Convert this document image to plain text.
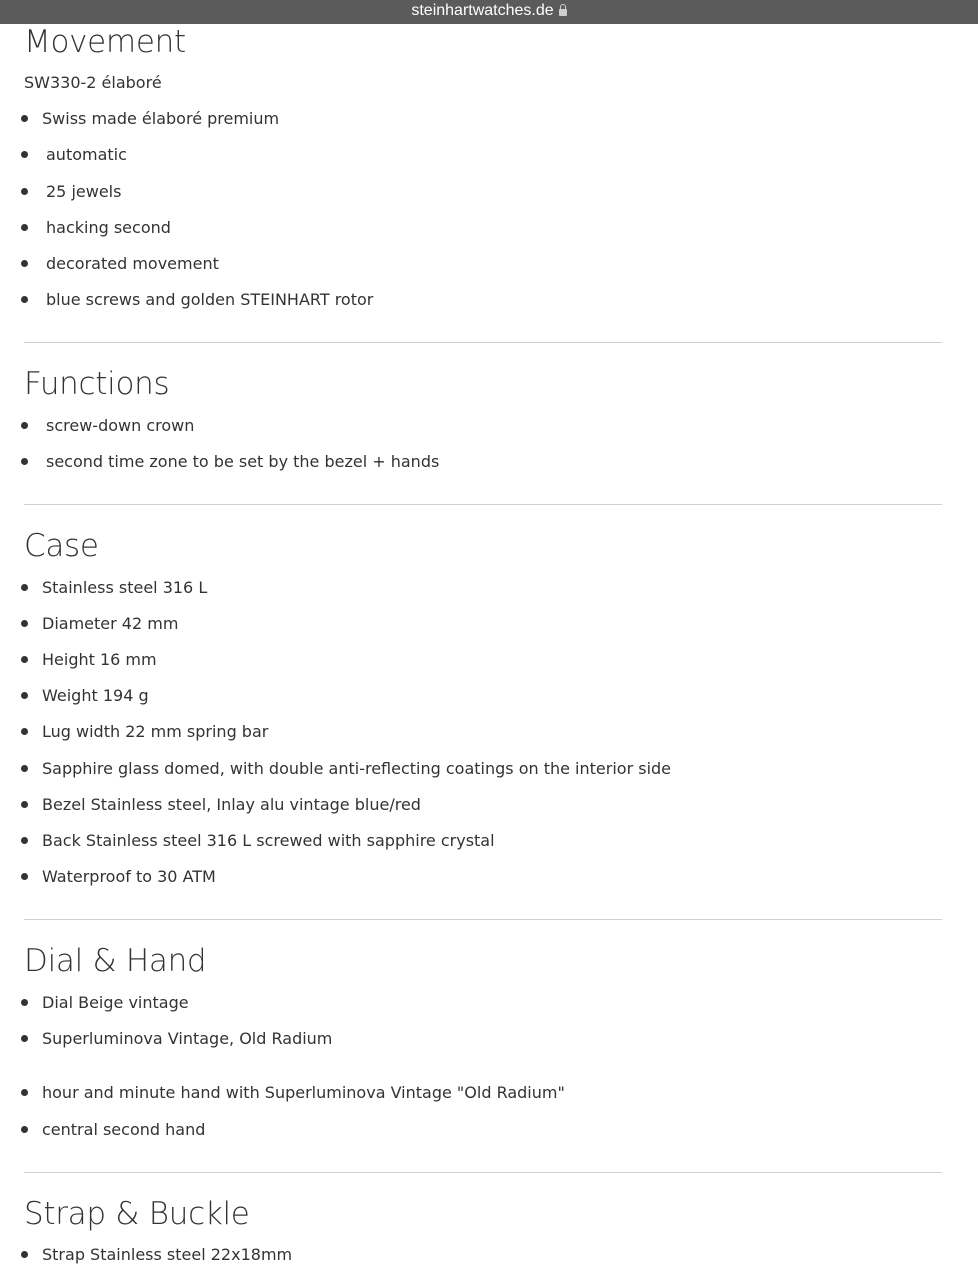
steinhartwatches.de
Movement
SW330-2 élaboré
Swiss made élaboré premium
automatic
25 jewels
hacking second
decorated movement
blue screws and golden STEINHART rotor
Functions
screw-down crown
second time zone to be set by the bezel + hands
Case
Stainless steel 316 L
Diameter 42 mm
Height 16 mm
Weight 194 g
Lug width 22 mm spring bar
Sapphire glass domed, with double anti-reflecting coatings on the interior side
Bezel Stainless steel, Inlay alu vintage blue/red
Back Stainless steel 316 L screwed with sapphire crystal
Waterproof to 30 ATM
Dial & Hand
Dial Beige vintage
Superluminova Vintage, Old Radium
hour and minute hand with Superluminova Vintage "Old Radium"
central second hand
Strap & Buckle
Strap Stainless steel 22x18mm
